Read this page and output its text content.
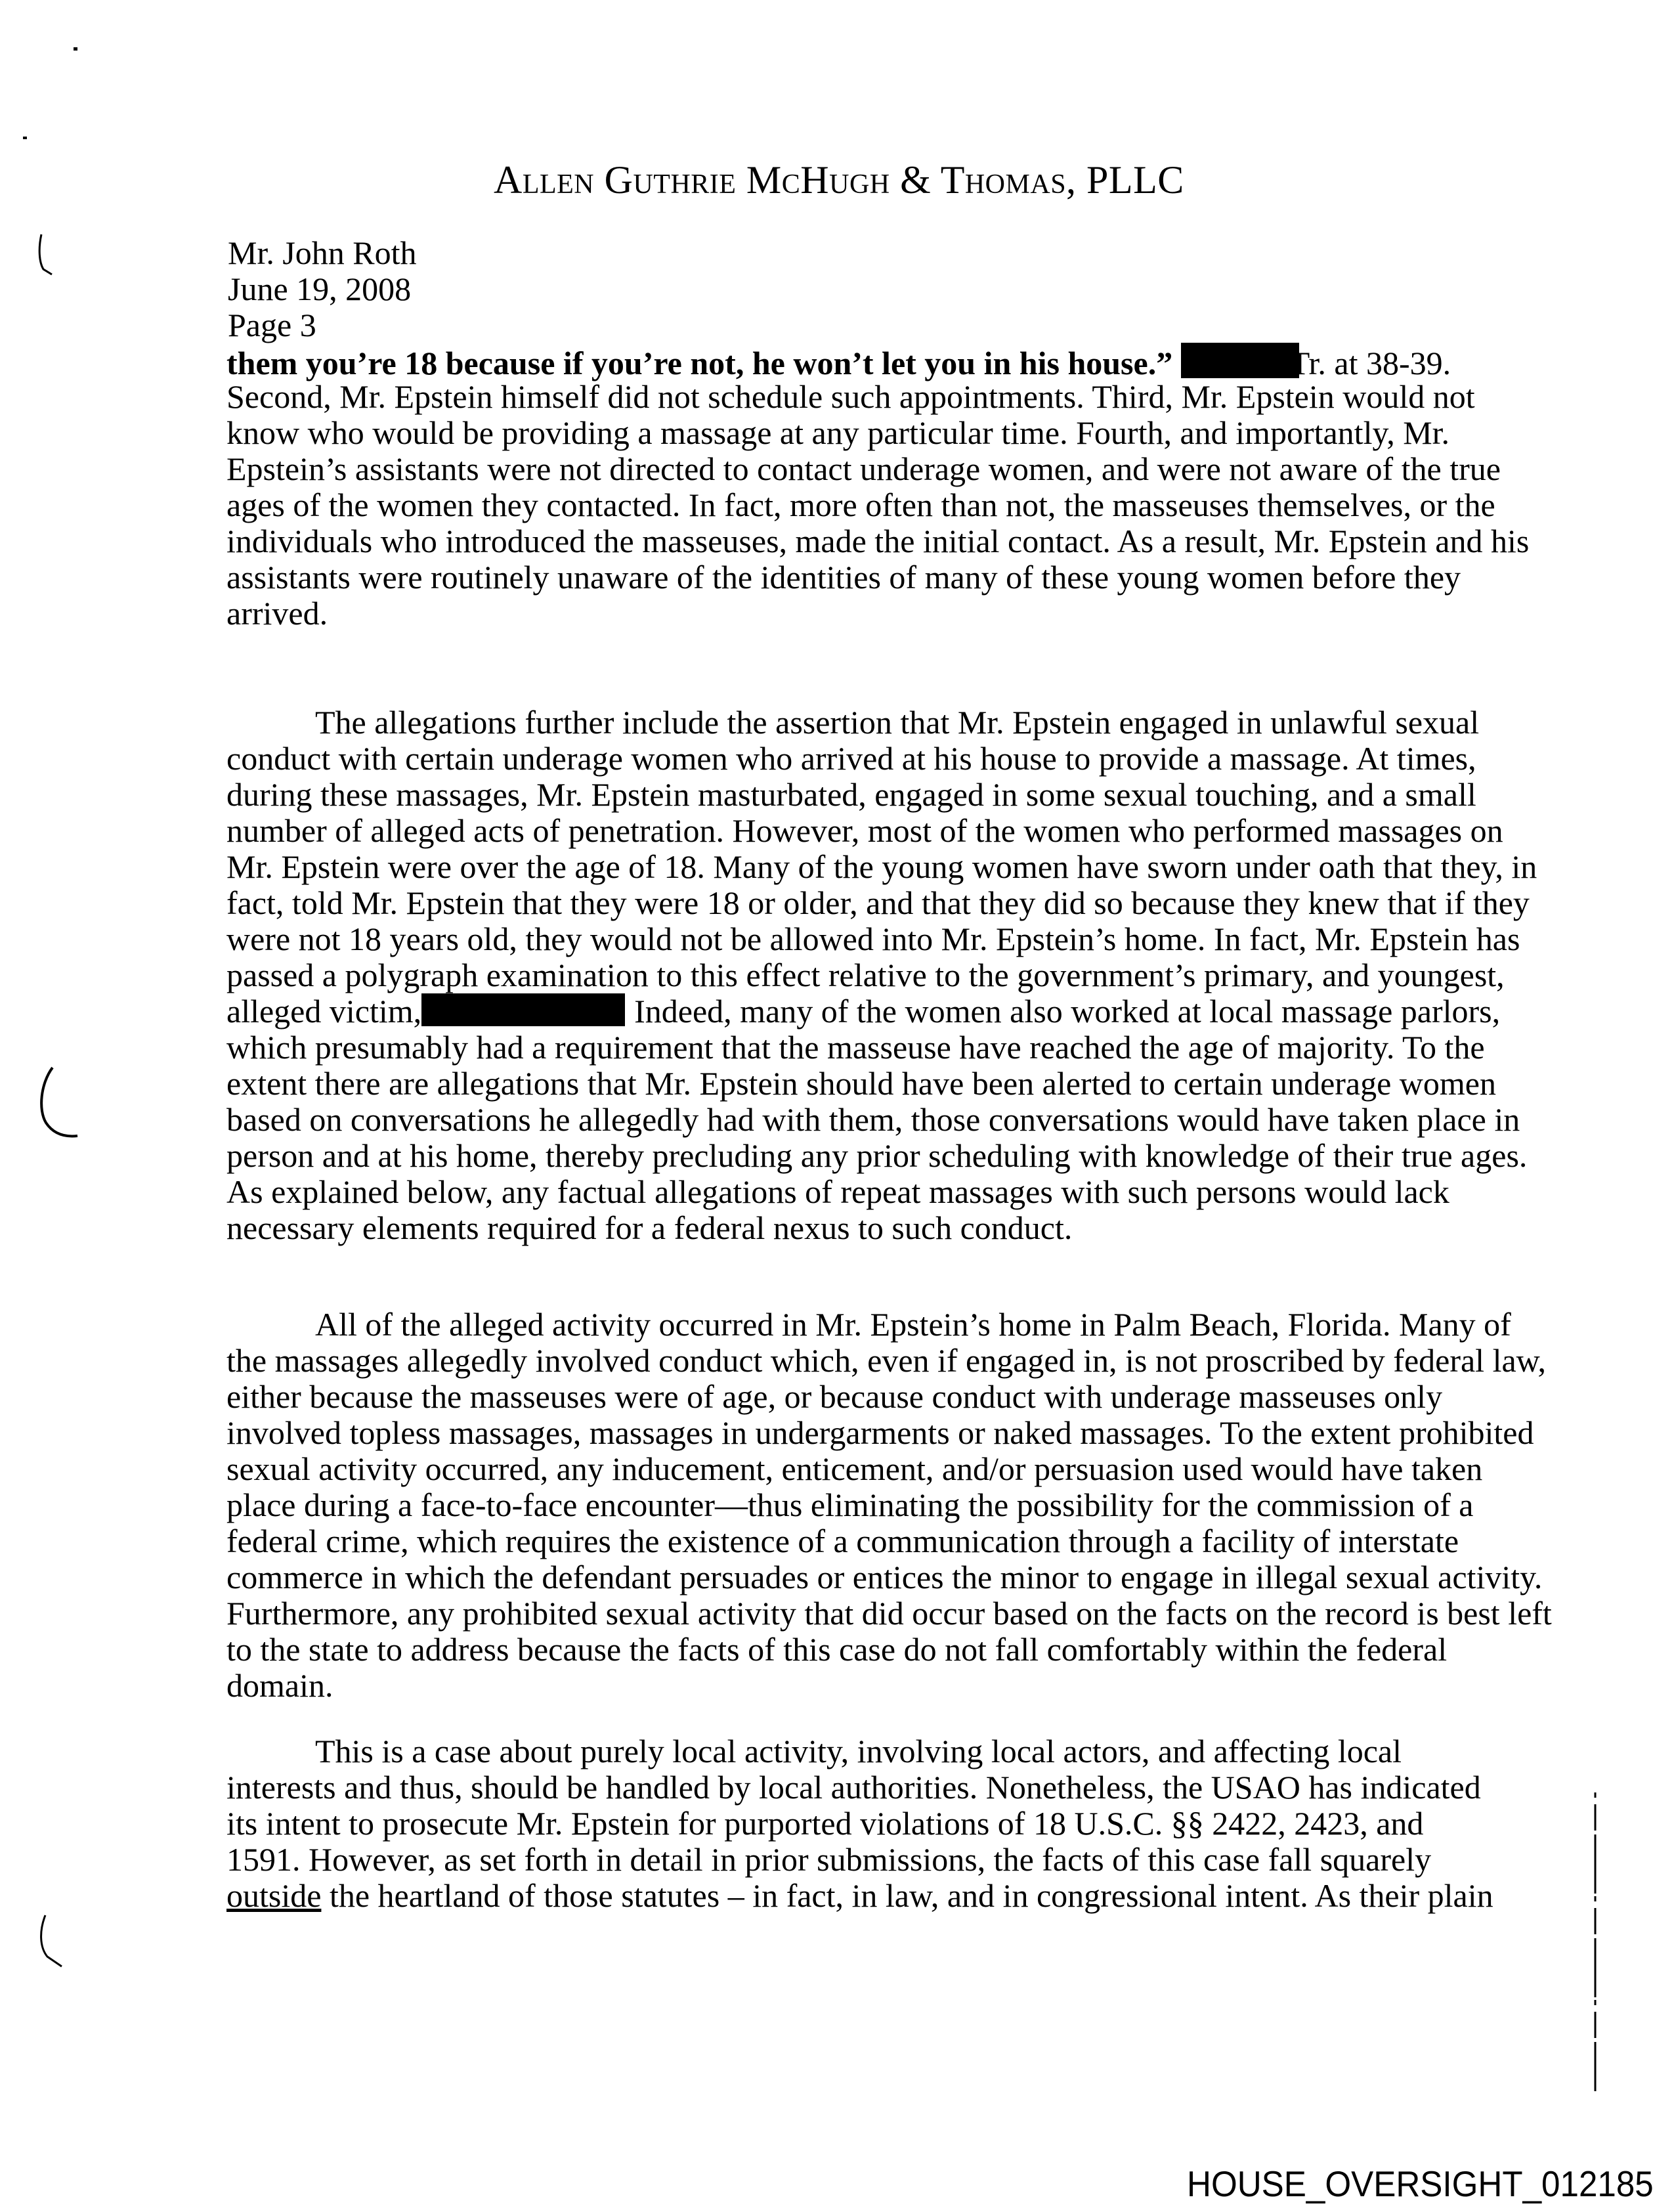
Allen Guthrie McHugh & Thomas, PLLC
Mr. John Roth
June 19, 2008
Page 3
them you’re 18 because if you’re not, he won’t let you in his house.”	Tr. at 38-39.
Second, Mr. Epstein himself did not schedule such appointments. Third, Mr. Epstein would not
know who would be providing a massage at any particular time. Fourth, and importantly, Mr.
Epstein’s assistants were not directed to contact underage women, and were not aware of the true
ages of the women they contacted. In fact, more often than not, the masseuses themselves, or the
individuals who introduced the masseuses, made the initial contact. As a result, Mr. Epstein and his
assistants were routinely unaware of the identities of many of these young women before they
arrived.
The allegations further include the assertion that Mr. Epstein engaged in unlawful sexual
conduct with certain underage women who arrived at his house to provide a massage. At times,
during these massages, Mr. Epstein masturbated, engaged in some sexual touching, and a small
number of alleged acts of penetration. However, most of the women who performed massages on
Mr. Epstein were over the age of 18. Many of the young women have sworn under oath that they, in
fact, told Mr. Epstein that they were 18 or older, and that they did so because they knew that if they
were not 18 years old, they would not be allowed into Mr. Epstein’s home. In fact, Mr. Epstein has
passed a polygraph examination to this effect relative to the government’s primary, and youngest,
alleged victim,	Indeed, many of the women also worked at local massage parlors,
which presumably had a requirement that the masseuse have reached the age of majority. To the
extent there are allegations that Mr. Epstein should have been alerted to certain underage women
based on conversations he allegedly had with them, those conversations would have taken place in
person and at his home, thereby precluding any prior scheduling with knowledge of their true ages.
As explained below, any factual allegations of repeat massages with such persons would lack
necessary elements required for a federal nexus to such conduct.
All of the alleged activity occurred in Mr. Epstein’s home in Palm Beach, Florida. Many of
the massages allegedly involved conduct which, even if engaged in, is not proscribed by federal law,
either because the masseuses were of age, or because conduct with underage masseuses only
involved topless massages, massages in undergarments or naked massages. To the extent prohibited
sexual activity occurred, any inducement, enticement, and/or persuasion used would have taken
place during a face-to-face encounter—thus eliminating the possibility for the commission of a
federal crime, which requires the existence of a communication through a facility of interstate
commerce in which the defendant persuades or entices the minor to engage in illegal sexual activity.
Furthermore, any prohibited sexual activity that did occur based on the facts on the record is best left
to the state to address because the facts of this case do not fall comfortably within the federal
domain.
This is a case about purely local activity, involving local actors, and affecting local
interests and thus, should be handled by local authorities. Nonetheless, the USAO has indicated
its intent to prosecute Mr. Epstein for purported violations of 18 U.S.C. §§ 2422, 2423, and
1591. However, as set forth in detail in prior submissions, the facts of this case fall squarely
outside the heartland of those statutes – in fact, in law, and in congressional intent. As their plain
HOUSE_OVERSIGHT_012185
